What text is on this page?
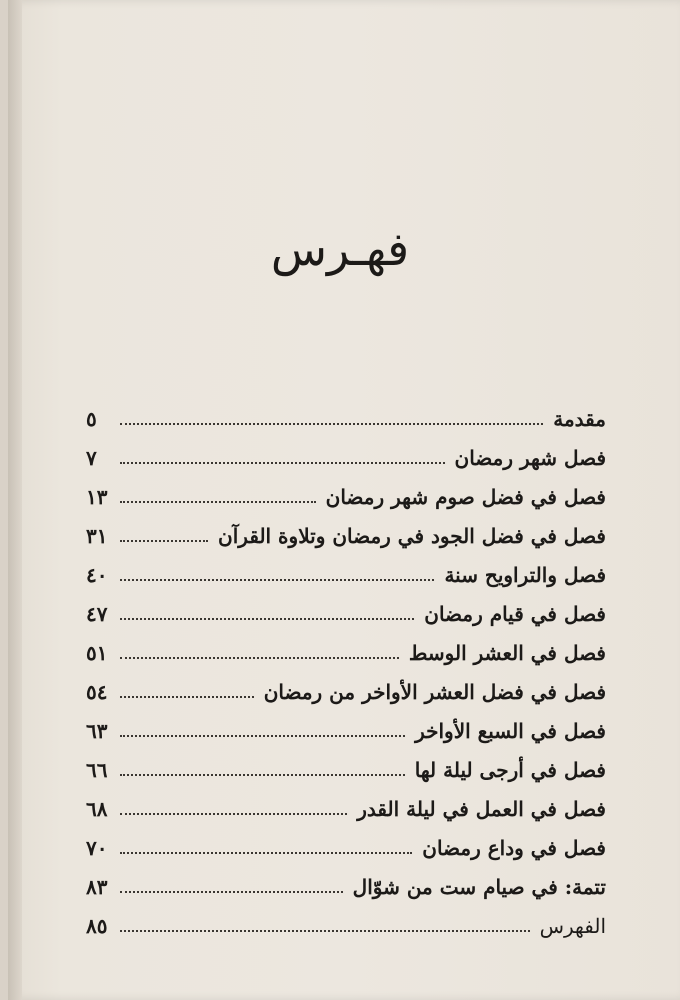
فهـرس
مقدمة
٥
فصل شهر رمضان
٧
فصل في فضل صوم شهر رمضان
١٣
فصل في فضل الجود في رمضان وتلاوة القرآن
٣١
فصل والتراويح سنة
٤٠
فصل في قيام رمضان
٤٧
فصل في العشر الوسط
٥١
فصل في فضل العشر الأواخر من رمضان
٥٤
فصل في السبع الأواخر
٦٣
فصل في أرجى ليلة لها
٦٦
فصل في العمل في ليلة القدر
٦٨
فصل في وداع رمضان
٧٠
تتمة: في صيام ست من شوّال
٨٣
الفهرس
٨٥
